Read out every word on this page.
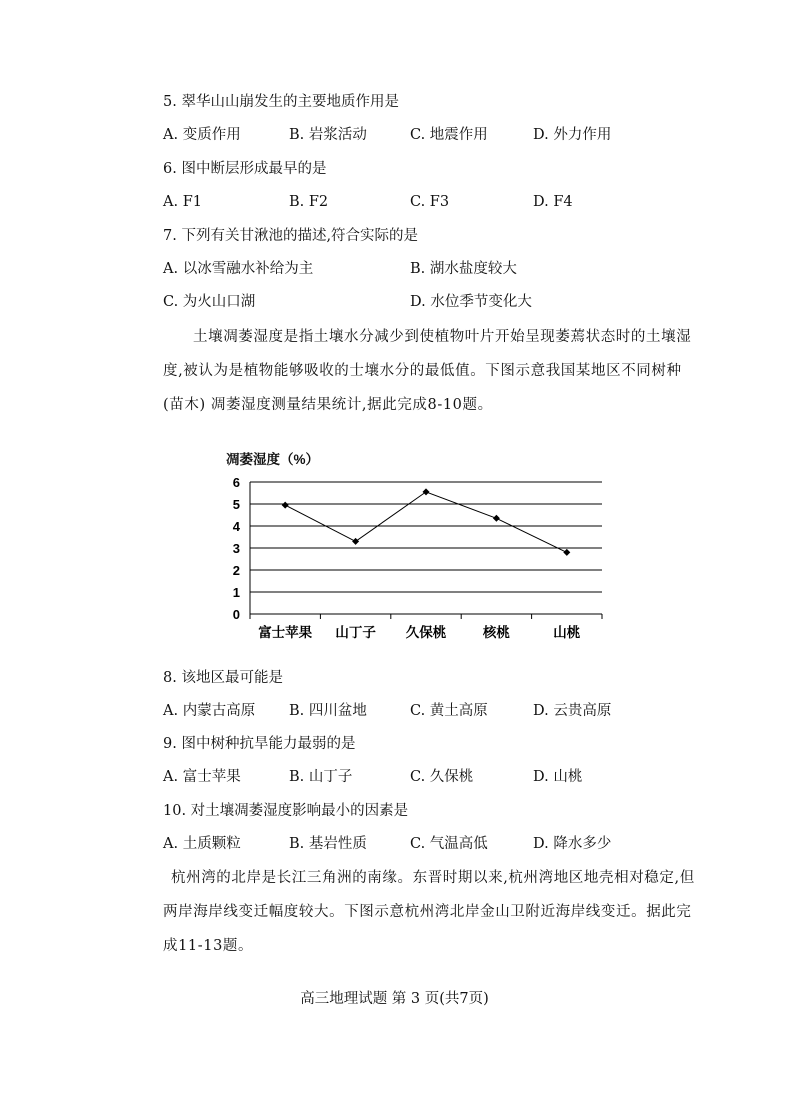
5. 翠华山山崩发生的主要地质作用是
A. 变质作用	B. 岩浆活动	C. 地震作用	D. 外力作用
6. 图中断层形成最早的是
A. F1	B. F2	C. F3	D. F4
7. 下列有关甘湫池的描述,符合实际的是
A. 以冰雪融水补给为主	B. 湖水盐度较大
C. 为火山口湖	D. 水位季节变化大
土壤凋萎湿度是指土壤水分减少到使植物叶片开始呈现萎蔫状态时的土壤湿度,被认为是植物能够吸收的士壤水分的最低值。下图示意我国某地区不同树种(苗木) 凋萎湿度测量结果统计,据此完成8-10题。
凋萎湿度（%）
0
1
2
3
4
5
6
富士苹果 山丁子 久保桃	核桃	山桃
8. 该地区最可能是
A. 内蒙古高原 B. 四川盆地	C. 黄土高原	D. 云贵高原
9. 图中树种抗旱能力最弱的是
A. 富士苹果	B. 山丁子	C. 久保桃	D. 山桃
10. 对土壤凋萎湿度影响最小的因素是
A. 土质颗粒	B. 基岩性质	C. 气温高低	D. 降水多少
杭州湾的北岸是长江三角洲的南缘。东晋时期以来,杭州湾地区地壳相对稳定,但两岸海岸线变迁幅度较大。下图示意杭州湾北岸金山卫附近海岸线变迁。据此完成11-13题。
高三地理试题 第 3 页(共7页)
